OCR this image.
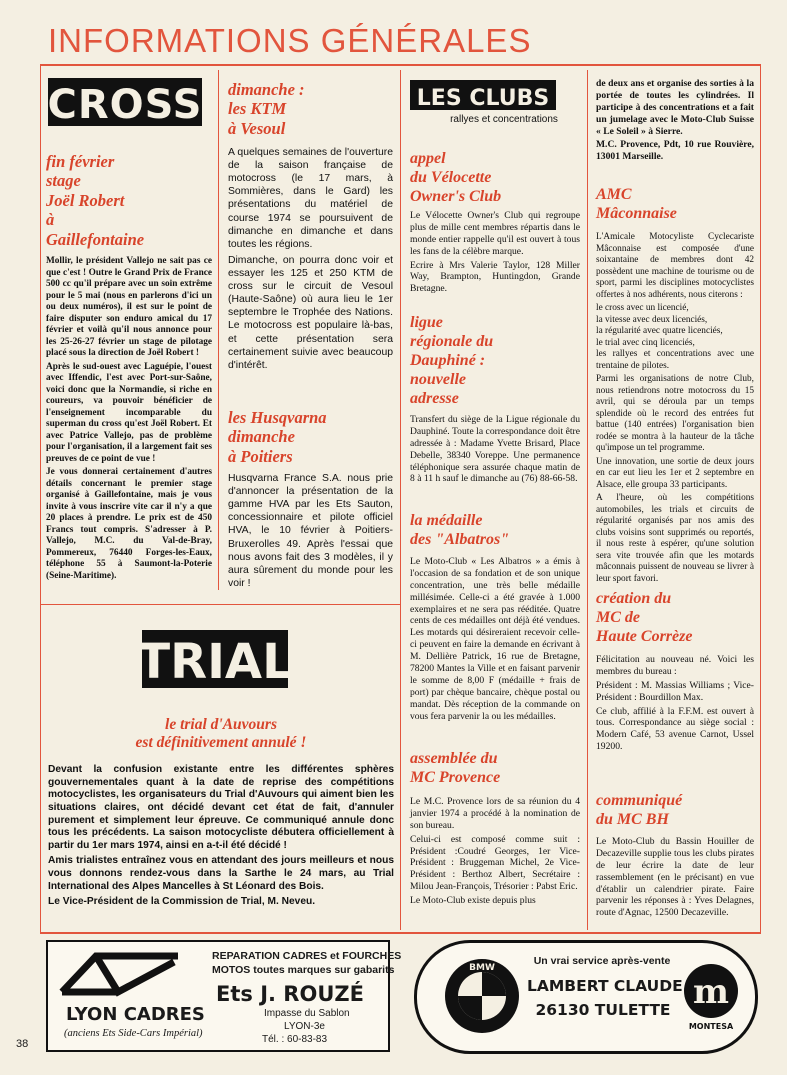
INFORMATIONS GÉNÉRALES
CROSS
fin février
stage
Joël Robert
à
Gaillefontaine

Mollir, le président Vallejo ne sait pas ce que c'est ! Outre le Grand Prix de France 500 cc qu'il prépare avec un soin extrême pour le 5 mai (nous en parlerons d'ici un ou deux numéros), il est sur le point de faire disputer son enduro amical du 17 février et voilà qu'il nous annonce pour les 25-26-27 février un stage de pilotage placé sous la direction de Joël Robert !

Après le sud-ouest avec Laguépie, l'ouest avec Iffendic, l'est avec Port-sur-Saône, voici donc que la Normandie, si riche en coureurs, va pouvoir bénéficier de l'enseignement incomparable du superman du cross qu'est Joël Robert. Et avec Patrice Vallejo, pas de problème pour l'organisation, il a largement fait ses preuves de ce point de vue !

Je vous donnerai certainement d'autres détails concernant le premier stage organisé à Gaillefontaine, mais je vous invite à vous inscrire vite car il n'y a que 20 places à prendre. Le prix est de 450 Francs tout compris. S'adresser à P. Vallejo, M.C. du Val-de-Bray, Pommereux, 76440 Forges-les-Eaux, téléphone 55 à Saumont-la-Poterie (Seine-Maritime).

dimanche :
les KTM
à Vesoul

A quelques semaines de l'ouverture de la saison française de motocross (le 17 mars, à Sommières, dans le Gard) les présentations du matériel de course 1974 se poursuivent de dimanche en dimanche et dans toutes les régions.

Dimanche, on pourra donc voir et essayer les 125 et 250 KTM de cross sur le circuit de Vesoul (Haute-Saône) où aura lieu le 1er septembre le Trophée des Nations. Le motocross est populaire là-bas, et cette présentation sera certainement suivie avec beaucoup d'intérêt.

les Husqvarna
dimanche
à Poitiers

Husqvarna France S.A. nous prie d'annoncer la présentation de la gamme HVA par les Ets Sauton, concessionnaire et pilote officiel HVA, le 10 février à Poitiers-Bruxerolles 49. Après l'essai que nous avons fait des 3 modèles, il y aura sûrement du monde pour les voir !

LES CLUBS
rallyes et concentrations
appel
du Vélocette
Owner's Club

Le Vélocette Owner's Club qui regroupe plus de mille cent membres répartis dans le monde entier rappelle qu'il est ouvert à tous les fans de la célèbre marque.

Ecrire à Mrs Valerie Taylor, 128 Miller Way, Brampton, Huntingdon, Grande Bretagne.

ligue
régionale du
Dauphiné :
nouvelle
adresse

Transfert du siège de la Ligue régionale du Dauphiné. Toute la correspondance doit être adressée à : Madame Yvette Brisard, Place Debelle, 38340 Voreppe. Une permanence téléphonique sera assurée chaque matin de 8 à 11 h sauf le dimanche au (76) 88-66-58.

la médaille
des "Albatros"

Le Moto-Club « Les Albatros » a émis à l'occasion de sa fondation et de son unique concentration, une très belle médaille millésimée. Celle-ci a été gravée à 1.000 exemplaires et ne sera pas rééditée. Quatre cents de ces médailles ont déjà été vendues. Les motards qui désireraient recevoir celle-ci peuvent en faire la demande en écrivant à M. Dellière Patrick, 16 rue de Bretagne, 78200 Mantes la Ville et en faisant parvenir le somme de 8,00 F (médaille + frais de port) par chèque bancaire, chèque postal ou mandat. Dès réception de la commande on vous fera parvenir la ou les médailles.

assemblée du
MC Provence

Le M.C. Provence lors de sa réunion du 4 janvier 1974 a procédé à la nomination de son bureau.

Celui-ci est composé comme suit : Président :Coudré Georges, 1er Vice-Président : Bruggeman Michel, 2e Vice-Président : Berthoz Albert, Secrétaire : Milou Jean-François, Trésorier : Pabst Eric.

Le Moto-Club existe depuis plus

de deux ans et organise des sorties à la portée de toutes les cylindrées. Il participe à des concentrations et a fait un jumelage avec le Moto-Club Suisse « Le Soleil » à Sierre.

M.C. Provence, Pdt, 10 rue Rouvière, 13001 Marseille.

AMC
Mâconnaise

L'Amicale Motocyliste Cyclecariste Mâconnaise est composée d'une soixantaine de membres dont 42 possèdent une machine de tourisme ou de sport, parmi les disciplines motocyclistes offertes à nos adhérents, nous citerons :

le cross avec un licencié,

la vitesse avec deux licenciés,

la régularité avec quatre licenciés,

le trial avec cinq licenciés,

les rallyes et concentrations avec une trentaine de pilotes.

Parmi les organisations de notre Club, nous retiendrons notre motocross du 15 avril, qui se déroula par un temps splendide où le record des entrées fut battue (140 entrées) l'organisation bien rodée se montra à la hauteur de la tâche qu'impose un tel programme.

Une innovation, une sortie de deux jours en car eut lieu les 1er et 2 septembre en Alsace, elle groupa 33 participants.

A l'heure, où les compétitions automobiles, les trials et circuits de régularité organisés par nos amis des clubs voisins sont supprimés ou reportés, il nous reste à espérer, qu'une solution sera vite trouvée afin que les motards mâconnais puissent de nouveau se livrer à leur sport favori.

création du
MC de
Haute Corrèze

Félicitation au nouveau né. Voici les membres du bureau :

Président : M. Massias Williams ; Vice-Président : Bourdillon Max.

Ce club, affilié à la F.F.M. est ouvert à tous. Correspondance au siège social : Modern Café, 53 avenue Carnot, Ussel 19200.

communiqué
du MC BH

Le Moto-Club du Bassin Houiller de Decazeville supplie tous les clubs pirates de leur écrire la date de leur rassemblement (en le précisant) en vue d'établir un calendrier pirate. Faire parvenir les réponses à : Yves Delagnes, route d'Agnac, 12500 Decazeville.

TRIAL
le trial d'Auvours
est définitivement annulé !

Devant la confusion existante entre les différentes sphères gouvernementales quant à la date de reprise des compétitions motocyclistes, les organisateurs du Trial d'Auvours qui aiment bien les situations claires, ont décidé devant cet état de fait, d'annuler purement et simplement leur épreuve. Ce communiqué annule donc tous les précédents. La saison motocycliste débutera officiellement à partir du 1er mars 1974, ainsi en a-t-il été décidé !

Amis trialistes entraînez vous en attendant des jours meilleurs et nous vous donnons rendez-vous dans la Sarthe le 24 mars, au Trial International des Alpes Mancelles à St Léonard des Bois.

Le Vice-Président de la Commission de Trial, M. Neveu.

REPARATION CADRES et FOURCHES
MOTOS toutes marques sur gabarits
Ets J. ROUZÉ
LYON CADRES
(anciens Ets Side-Cars Impérial)
Impasse du Sablon
LYON-3e
Tél. : 60-83-83
BMW
Un vrai service après-vente
LAMBERT CLAUDE
26130 TULETTE m
MONTESA
38
